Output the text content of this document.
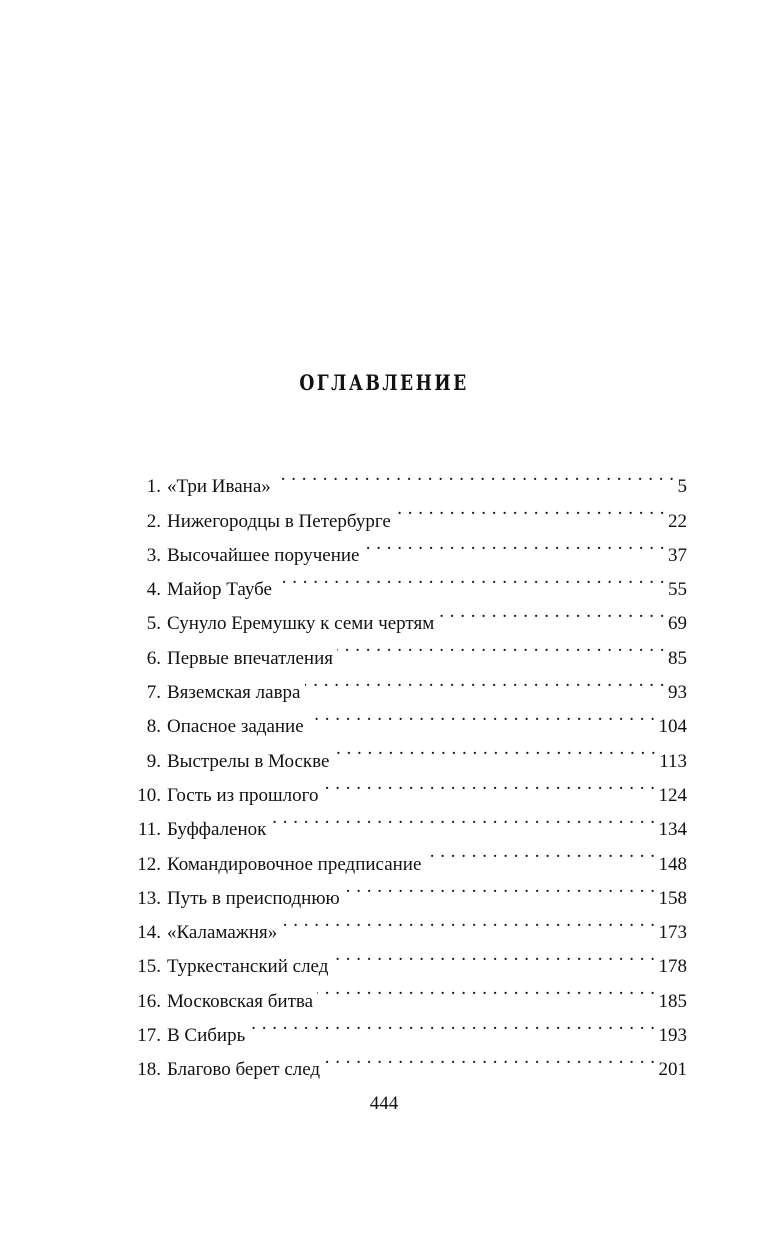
ОГЛАВЛЕНИЕ
1. «Три Ивана» . . .	5
2. Нижегородцы в Петербурге . . .	22
3. Высочайшее поручение . . .	37
4. Майор Таубе . . .	55
5. Сунуло Еремушку к семи чертям . . .	69
6. Первые впечатления . . .	85
7. Вяземская лавра . . .	93
8. Опасное задание . . .	104
9. Выстрелы в Москве . . .	113
10. Гость из прошлого . . .	124
11. Буффаленок . . .	134
12. Командировочное предписание . . .	148
13. Путь в преисподнюю . . .	158
14. «Каламажня» . . .	173
15. Туркестанский след . . .	178
16. Московская битва . . .	185
17. В Сибирь . . .	193
18. Благово берет след . . .	201

444
